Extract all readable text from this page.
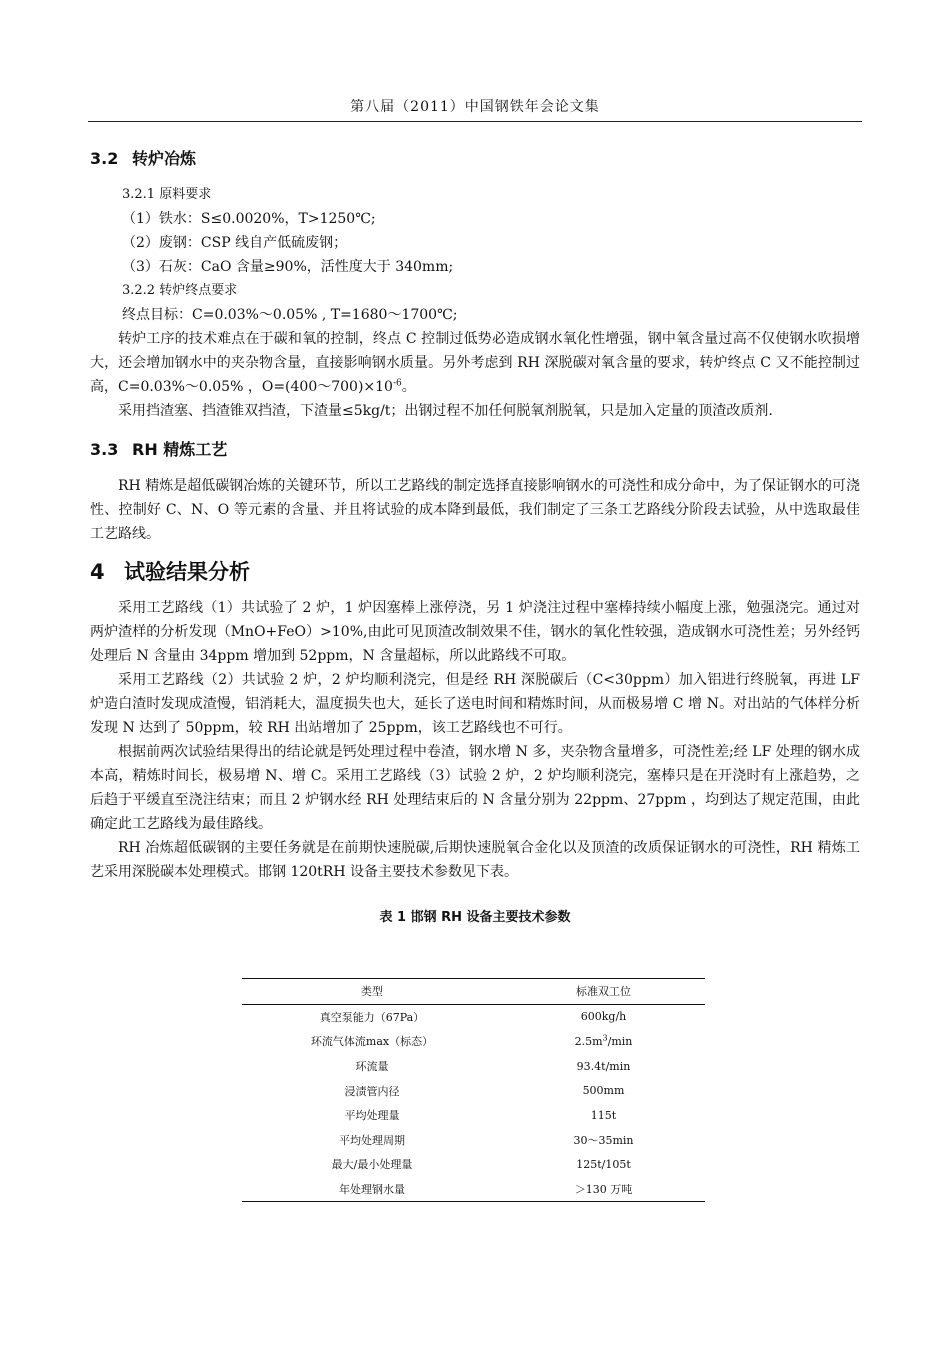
第八届（2011）中国钢铁年会论文集
3.2 转炉冶炼

3.2.1 原料要求

（1）铁水：S≤0.0020%，T>1250℃;

（2）废钢：CSP 线自产低硫废钢；

（3）石灰：CaO 含量≥90%，活性度大于 340mm;

3.2.2 转炉终点要求

终点目标：C=0.03%～0.05% , T=1680～1700℃;

转炉工序的技术难点在于碳和氧的控制，终点 C 控制过低势必造成钢水氧化性增强，钢中氧含量过高不仅使钢水吹损增大，还会增加钢水中的夹杂物含量，直接影响钢水质量。另外考虑到 RH 深脱碳对氧含量的要求，转炉终点 C 又不能控制过高，C=0.03%～0.05% ，$O=(400\sim 700)\times 10^{-6}$。

采用挡渣塞、挡渣锥双挡渣，下渣量≤5kg/t；出钢过程不加任何脱氧剂脱氧，只是加入定量的顶渣改质剂.

3.3 RH 精炼工艺

RH 精炼是超低碳钢冶炼的关键环节，所以工艺路线的制定选择直接影响钢水的可浇性和成分命中，为了保证钢水的可浇性、控制好 C、N、O 等元素的含量、并且将试验的成本降到最低，我们制定了三条工艺路线分阶段去试验，从中选取最佳工艺路线。

4 试验结果分析

采用工艺路线（1）共试验了 2 炉，1 炉因塞棒上涨停浇，另 1 炉浇注过程中塞棒持续小幅度上涨，勉强浇完。通过对两炉渣样的分析发现（MnO+FeO）>10%,由此可见顶渣改制效果不佳，钢水的氧化性较强，造成钢水可浇性差；另外经钙处理后 N 含量由 34ppm 增加到 52ppm，N 含量超标，所以此路线不可取。

采用工艺路线（2）共试验 2 炉，2 炉均顺利浇完，但是经 RH 深脱碳后（C<30ppm）加入铝进行终脱氧，再进 LF 炉造白渣时发现成渣慢，铝消耗大，温度损失也大，延长了送电时间和精炼时间，从而极易增 C 增 N。对出站的气体样分析发现 N 达到了 50ppm，较 RH 出站增加了 25ppm，该工艺路线也不可行。

根据前两次试验结果得出的结论就是钙处理过程中卷渣，钢水增 N 多，夹杂物含量增多，可浇性差;经 LF 处理的钢水成本高，精炼时间长，极易增 N、增 C。采用工艺路线（3）试验 2 炉，2 炉均顺利浇完，塞棒只是在开浇时有上涨趋势，之后趋于平缓直至浇注结束；而且 2 炉钢水经 RH 处理结束后的 N 含量分别为 22ppm、27ppm ，均到达了规定范围，由此确定此工艺路线为最佳路线。

RH 冶炼超低碳钢的主要任务就是在前期快速脱碳,后期快速脱氧合金化以及顶渣的改质保证钢水的可浇性，RH 精炼工艺采用深脱碳本处理模式。邯钢 120tRH 设备主要技术参数见下表。

表 1 邯钢 RH 设备主要技术参数

类型	标准双工位
真空泵能力（67Pa）	600kg/h
环流气体流max（标态）	$2.5m^3/\min$
环流量	93.4t/min
浸渍管内径	500mm
平均处理量	115t
平均处理周期	30～35min
最大/最小处理量	125t/105t
年处理钢水量	＞130 万吨
